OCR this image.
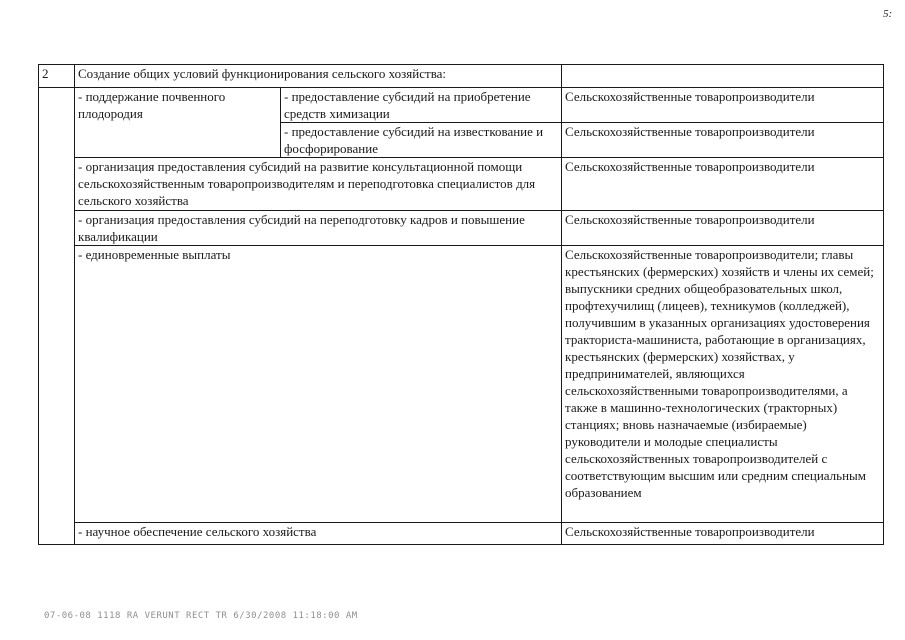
5:
2	Создание общих условий функционирования сельского хозяйства:		
	- поддержание почвенного плодородия	- предоставление субсидий на приобретение средств химизации	Сельскохозяйственные товаропроизводители
		- предоставление субсидий на известкование и фосфорирование	Сельскохозяйственные товаропроизводители
	- организация предоставления субсидий на развитие консультационной помощи сельскохозяйственным товаропроизводителям и переподготовка специалистов для сельского хозяйства		Сельскохозяйственные товаропроизводители
	- организация предоставления субсидий на переподготовку кадров и повышение квалификации		Сельскохозяйственные товаропроизводители
	- единовременные выплаты		Сельскохозяйственные товаропроизводители; главы крестьянских (фермерских) хозяйств и члены их семей; выпускники средних общеобразовательных школ, профтехучилищ (лицеев), техникумов (колледжей), получившим в указанных организациях удостоверения тракториста-машиниста, работающие в организациях, крестьянских (фермерских) хозяйствах, у предпринимателей, являющихся сельскохозяйственными товаропроизводителями, а также в машинно-технологических (тракторных) станциях; вновь назначаемые (избираемые) руководители и молодые специалисты сельскохозяйственных товаропроизводителей с соответствующим высшим или средним специальным образованием
	- научное обеспечение сельского хозяйства		Сельскохозяйственные товаропроизводители
07-06-08 1118 RA VERUNT RECT TR 6/30/2008 11:18:00 AM
